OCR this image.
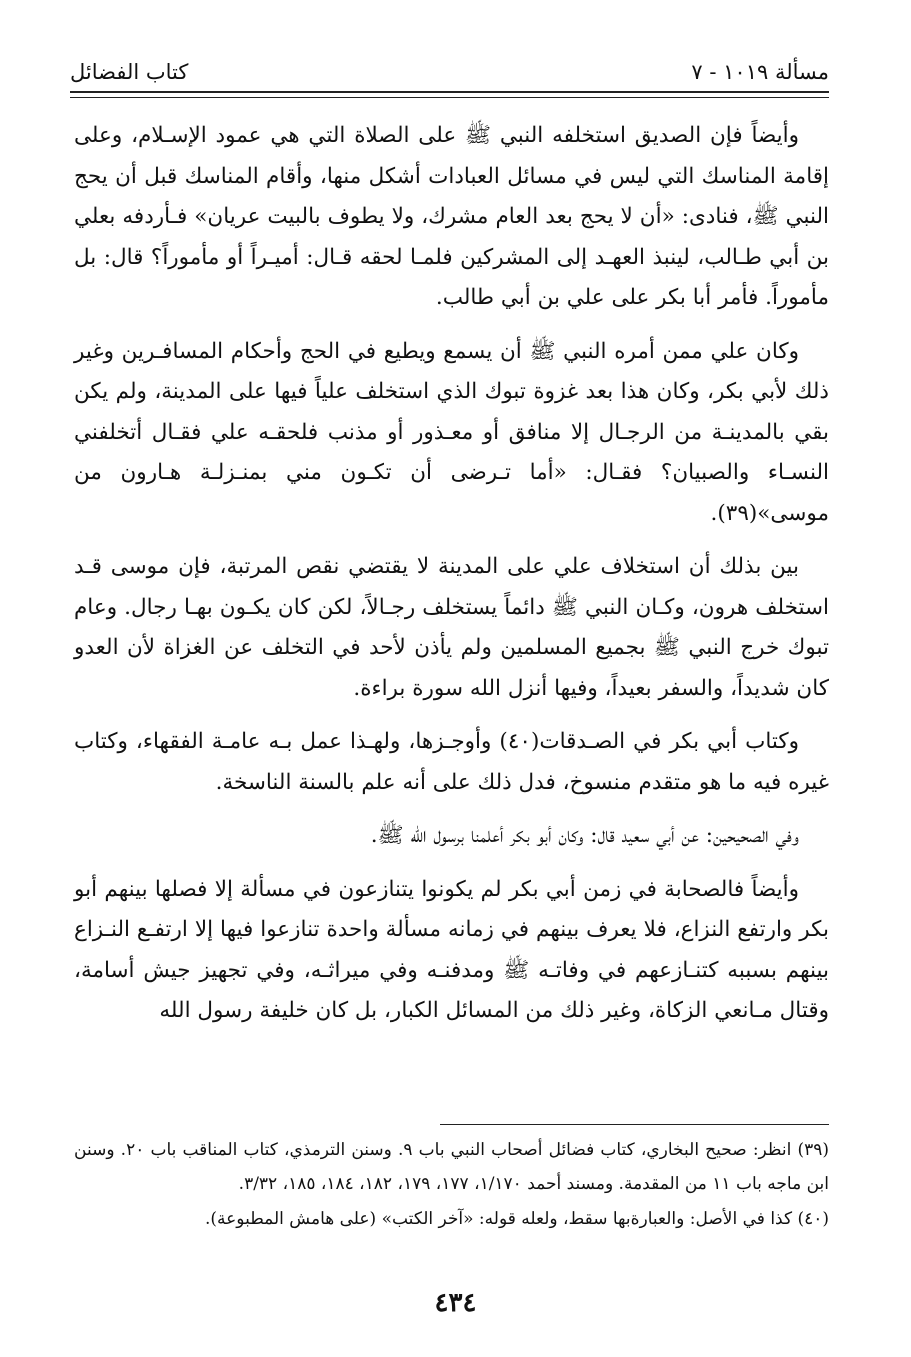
مسألة ١٠١٩ - ٧
كتاب الفضائل

وأيضاً فإن الصديق استخلفه النبي ﷺ على الصلاة التي هي عمود الإسـلام، وعلى إقامة المناسك التي ليس في مسائل العبادات أشكل منها، وأقام المناسك قبل أن يحج النبي ﷺ، فنادى: «أن لا يحج بعد العام مشرك، ولا يطوف بالبيت عريان» فـأردفه بعلي بن أبي طـالب، لينبذ العهـد إلى المشركين فلمـا لحقه قـال: أميـراً أو مأموراً؟ قال: بل مأموراً. فأمر أبا بكر على علي بن أبي طالب.

وكان علي ممن أمره النبي ﷺ أن يسمع ويطيع في الحج وأحكام المسافـرين وغير ذلك لأبي بكر، وكان هذا بعد غزوة تبوك الذي استخلف علياً فيها على المدينة، ولم يكن بقي بالمدينـة من الرجـال إلا منافق أو معـذور أو مذنب فلحقـه علي فقـال أتخلفني النسـاء والصبيان؟ فقـال: «أما تـرضى أن تكـون مني بمنـزلـة هـارون من موسى»(٣٩).

بين بذلك أن استخلاف علي على المدينة لا يقتضي نقص المرتبة، فإن موسى قـد استخلف هرون، وكـان النبي ﷺ دائماً يستخلف رجـالاً، لكن كان يكـون بهـا رجال. وعام تبوك خرج النبي ﷺ بجميع المسلمين ولم يأذن لأحد في التخلف عن الغزاة لأن العدو كان شديداً، والسفر بعيداً، وفيها أنزل الله سورة براءة.

وكتاب أبي بكر في الصـدقات(٤٠) وأوجـزها، ولهـذا عمل بـه عامـة الفقهاء، وكتاب غيره فيه ما هو متقدم منسوخ، فدل ذلك على أنه علم بالسنة الناسخة.

وفي الصحيحين: عن أبي سعيد قال: وكان أبو بكر أعلمنا برسول الله ﷺ.

وأيضاً فالصحابة في زمن أبي بكر لم يكونوا يتنازعون في مسألة إلا فصلها بينهم أبو بكر وارتفع النزاع، فلا يعرف بينهم في زمانه مسألة واحدة تنازعوا فيها إلا ارتفـع النـزاع بينهم بسببه كتنـازعهم في وفاتـه ﷺ ومدفنـه وفي ميراثـه، وفي تجهيز جيش أسامة، وقتال مـانعي الزكاة، وغير ذلك من المسائل الكبار، بل كان خليفة رسول الله

(٣٩) انظر: صحيح البخاري، كتاب فضائل أصحاب النبي باب ٩. وسنن الترمذي، كتاب المناقب باب ٢٠. وسنن ابن ماجه باب ١١ من المقدمة. ومسند أحمد ١/١٧٠، ١٧٧، ١٧٩، ١٨٢، ١٨٤، ١٨٥، ٣/٣٢.

(٤٠) كذا في الأصل: والعبارةبها سقط، ولعله قوله: «آخر الكتب» (على هامش المطبوعة).

٤٣٤
